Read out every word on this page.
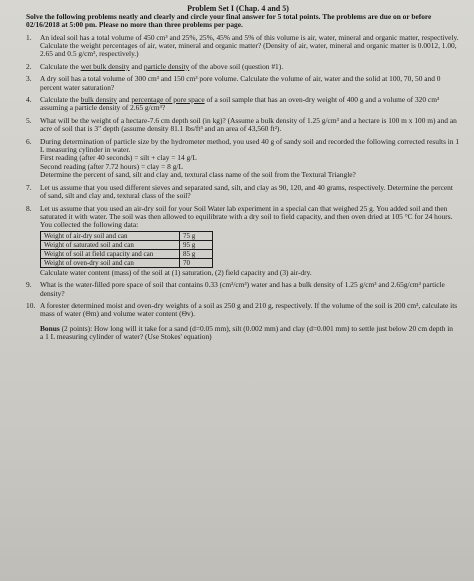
Problem Set I (Chap. 4 and 5)
Solve the following problems neatly and clearly and circle your final answer for 5 total points. The problems are due on or before 02/16/2018 at 5:00 pm. Please no more than three problems per page.
1. An ideal soil has a total volume of 450 cm³ and 25%, 25%, 45% and 5% of this volume is air, water, mineral and organic matter, respectively. Calculate the weight percentages of air, water, mineral and organic matter? (Density of air, water, mineral and organic matter is 0.0012, 1.00, 2.65 and 0.5 g/cm³, respectively.)
2. Calculate the wet bulk density and particle density of the above soil (question #1).
3. A dry soil has a total volume of 300 cm³ and 150 cm³ pore volume. Calculate the volume of air, water and the solid at 100, 70, 50 and 0 percent water saturation?
4. Calculate the bulk density and percentage of pore space of a soil sample that has an oven-dry weight of 400 g and a volume of 320 cm³ assuming a particle density of 2.65 g/cm³?
5. What will be the weight of a hectare-7.6 cm depth soil (in kg)? (Assume a bulk density of 1.25 g/cm³ and a hectare is 100 m x 100 m) and an acre of soil that is 3" depth (assume density 81.1 lbs/ft³ and an area of 43,560 ft²).
6. During determination of particle size by the hydrometer method, you used 40 g of sandy soil and recorded the following corrected results in 1 L measuring cylinder in water.
First reading (after 40 seconds) = silt + clay = 14 g/L
Second reading (after 7.72 hours) = clay = 8 g/L
Determine the percent of sand, silt and clay and, textural class name of the soil from the Textural Triangle?
7. Let us assume that you used different sieves and separated sand, silt, and clay as 90, 120, and 40 grams, respectively. Determine the percent of sand, silt and clay and, textural class of the soil?
8. Let us assume that you used an air-dry soil for your Soil Water lab experiment in a special can that weighed 25 g. You added soil and then saturated it with water. The soil was then allowed to equilibrate with a dry soil to field capacity, and then oven dried at 105 °C for 24 hours. You collected the following data:
Weight of air-dry soil and can	75 g
Weight of saturated soil and can	95 g
Weight of soil at field capacity and can	85 g
Weight of oven-dry soil and can	70
Calculate water content (mass) of the soil at (1) saturation, (2) field capacity and (3) air-dry.
9. What is the water-filled pore space of soil that contains 0.33 (cm³/cm³) water and has a bulk density of 1.25 g/cm³ and 2.65g/cm³ particle density?
10. A forester determined moist and oven-dry weights of a soil as 250 g and 210 g, respectively. If the volume of the soil is 200 cm³, calculate its mass of water (Θm) and volume water content (Θv).
Bonus (2 points): How long will it take for a sand (d=0.05 mm), silt (0.002 mm) and clay (d=0.001 mm) to settle just below 20 cm depth in a 1 L measuring cylinder of water? (Use Stokes' equation)
